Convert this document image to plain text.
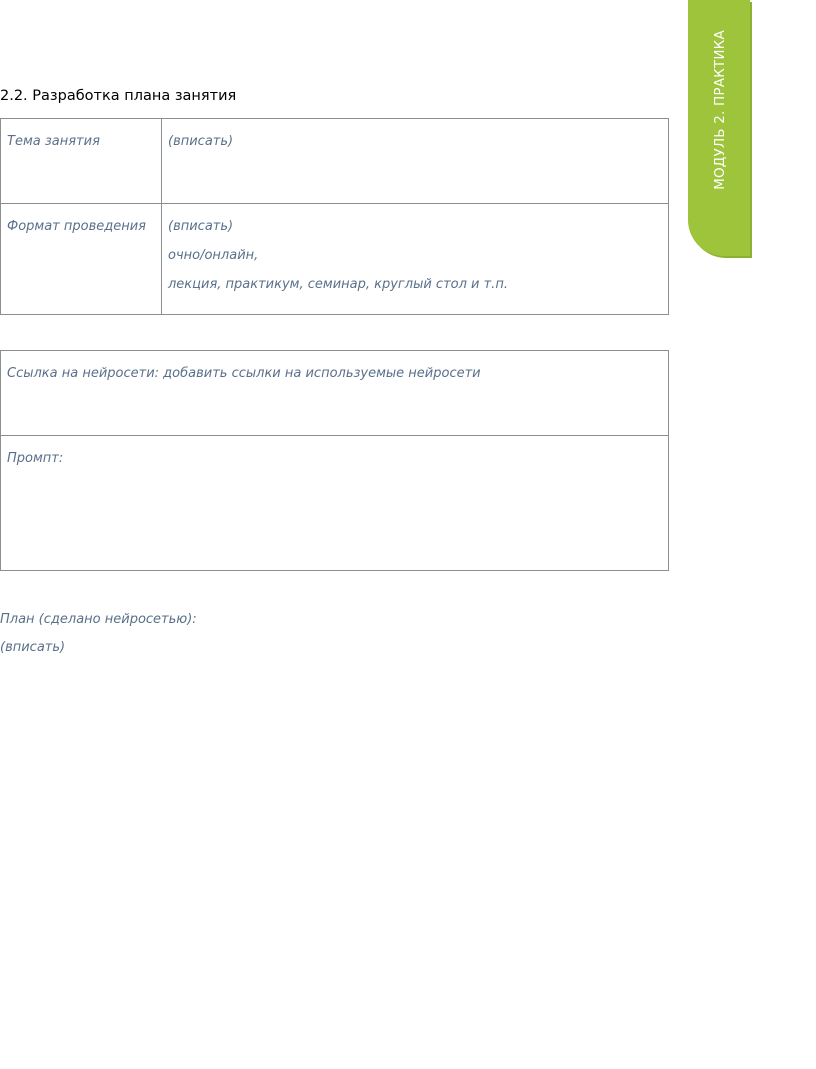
МОДУЛЬ 2. ПРАКТИКА
2.2. Разработка плана занятия
Тема занятия	(вписать)

Формат проведения	(вписать)
очно/онлайн,
лекция, практикум, семинар, круглый стол и т.п.
Ссылка на нейросети: добавить ссылки на используемые нейросети
Промпт:
План (сделано нейросетью):
(вписать)
